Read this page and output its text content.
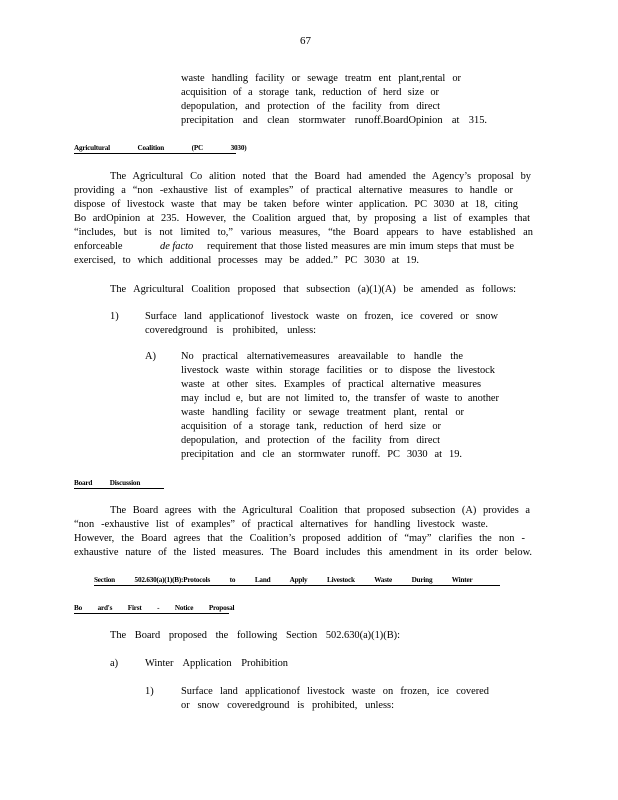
67
waste handling facility or sewage treatm ent plant,rental or
acquisition of a storage tank, reduction of herd size or
depopulation, and protection of the facility from direct
precipitation and clean stormwater runoff.BoardOpinion at 315.
Agricultural Coalition (PC 3030)
The Agricultural Co alition noted that the Board had amended the Agency’s proposal by
providing a “non -exhaustive list of examples” of practical alternative measures to handle or
dispose of livestock waste that may be taken before winter application. PC 3030 at 18, citing
Bo ardOpinion at 235. However, the Coalition argued that, by proposing a list of examples that
“includes, but is not limited to,” various measures, “the Board appears to have established an
enforceable	de facto requirement that those listed measures are min imum steps that must be
exercised, to which additional processes may be added.” PC 3030 at 19.
The Agricultural Coalition proposed that subsection (a)(1)(A) be amended as follows:
1)	Surface land applicationof livestock waste on frozen, ice covered or snow
coveredground is prohibited, unless:
A) No practical alternativemeasures areavailable to handle the
livestock waste within storage facilities or to dispose the livestock
waste at other sites. Examples of practical alternative measures
may includ e, but are not limited to, the transfer of waste to another
waste handling facility or sewage treatment plant, rental or
acquisition of a storage tank, reduction of herd size or
depopulation, and protection of the facility from direct
precipitation and cle an stormwater runoff. PC 3030 at 19.
Board Discussion
The Board agrees with the Agricultural Coalition that proposed subsection (A) provides a
“non -exhaustive list of examples” of practical alternatives for handling livestock waste.
However, the Board agrees that the Coalition’s proposed addition of “may” clarifies the non -
exhaustive nature of the listed measures. The Board includes this amendment in its order below.
Section 502.630(a)(1)(B):Protocols to Land Apply Livestock Waste During Winter
Bo ard's First - Notice Proposal
The Board proposed the following Section 502.630(a)(1)(B):
a)	Winter Application Prohibition
1)	Surface land applicationof livestock waste on frozen, ice covered
or snow coveredground is prohibited, unless:
